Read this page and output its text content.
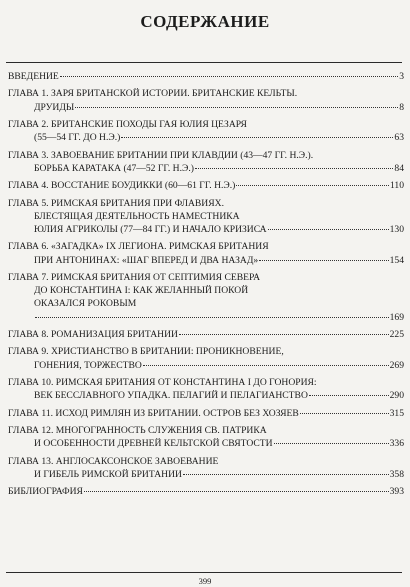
СОДЕРЖАНИЕ
ВВЕДЕНИЕ	3
ГЛАВА 1. ЗАРЯ БРИТАНСКОЙ ИСТОРИИ. БРИТАНСКИЕ КЕЛЬТЫ.
ДРУИДЫ	8
ГЛАВА 2. БРИТАНСКИЕ ПОХОДЫ ГАЯ ЮЛИЯ ЦЕЗАРЯ
(55—54 ГГ. ДО Н.Э.)	63
ГЛАВА 3. ЗАВОЕВАНИЕ БРИТАНИИ ПРИ КЛАВДИИ (43—47 ГГ. Н.Э.).
БОРЬБА КАРАТАКА (47—52 ГГ. Н.Э.)	84
ГЛАВА 4. ВОССТАНИЕ БОУДИККИ (60—61 ГГ. Н.Э.)	110
ГЛАВА 5. РИМСКАЯ БРИТАНИЯ ПРИ ФЛАВИЯХ.
БЛЕСТЯЩАЯ ДЕЯТЕЛЬНОСТЬ НАМЕСТНИКА
ЮЛИЯ АГРИКОЛЫ (77—84 ГГ.) И НАЧАЛО КРИЗИСА	130
ГЛАВА 6. «ЗАГАДКА» IX ЛЕГИОНА. РИМСКАЯ БРИТАНИЯ
ПРИ АНТОНИНАХ: «ШАГ ВПЕРЕД И ДВА НАЗАД»	154
ГЛАВА 7. РИМСКАЯ БРИТАНИЯ ОТ СЕПТИМИЯ СЕВЕРА
ДО КОНСТАНТИНА I: КАК ЖЕЛАННЫЙ ПОКОЙ
ОКАЗАЛСЯ РОКОВЫМ
169
ГЛАВА 8. РОМАНИЗАЦИЯ БРИТАНИИ	225
ГЛАВА 9. ХРИСТИАНСТВО В БРИТАНИИ: ПРОНИКНОВЕНИЕ,
ГОНЕНИЯ, ТОРЖЕСТВО	269
ГЛАВА 10. РИМСКАЯ БРИТАНИЯ ОТ КОНСТАНТИНА I ДО ГОНОРИЯ:
ВЕК БЕССЛАВНОГО УПАДКА. ПЕЛАГИЙ И ПЕЛАГИАНСТВО	290
ГЛАВА 11. ИСХОД РИМЛЯН ИЗ БРИТАНИИ. ОСТРОВ БЕЗ ХОЗЯЕВ	315
ГЛАВА 12. МНОГОГРАННОСТЬ СЛУЖЕНИЯ СВ. ПАТРИКА
И ОСОБЕННОСТИ ДРЕВНЕЙ КЕЛЬТСКОЙ СВЯТОСТИ	336
ГЛАВА 13. АНГЛОСАКСОНСКОЕ ЗАВОЕВАНИЕ
И ГИБЕЛЬ РИМСКОЙ БРИТАНИИ	358
БИБЛИОГРАФИЯ	393
399
